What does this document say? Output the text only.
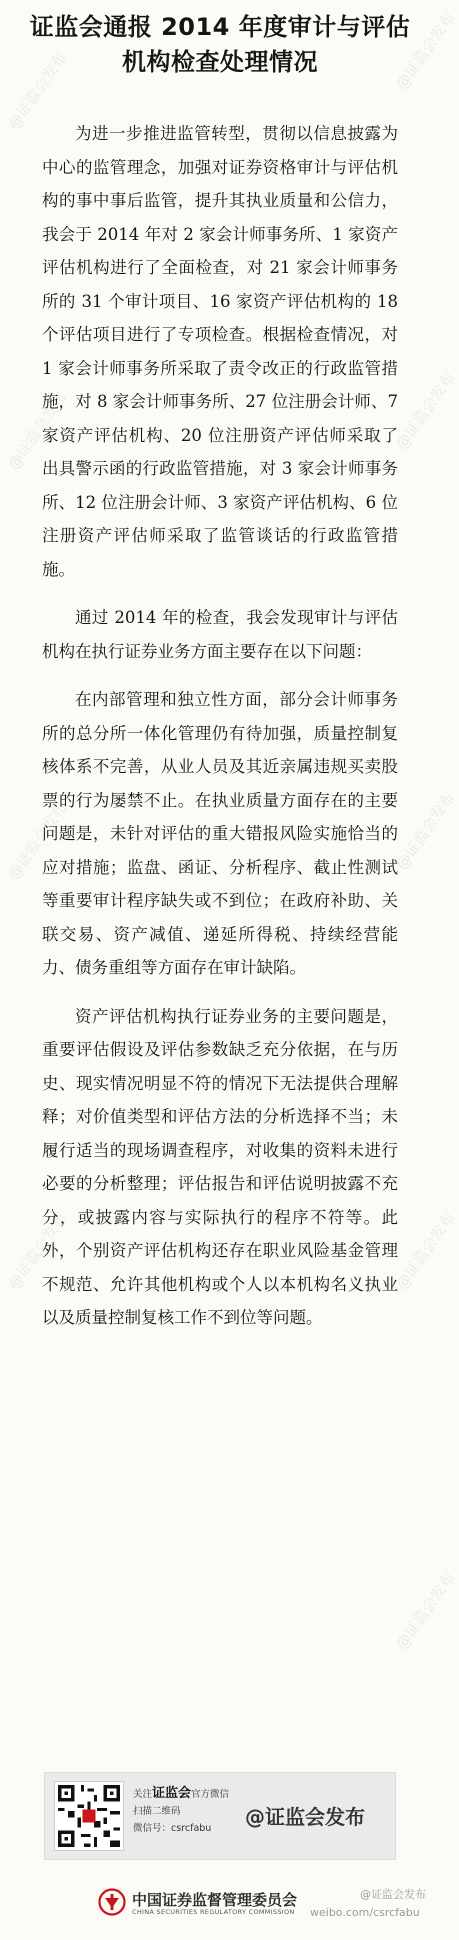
证监会通报 2014 年度审计与评估
机构检查处理情况

为进一步推进监管转型，贯彻以信息披露为中心的监管理念，加强对证券资格审计与评估机构的事中事后监管，提升其执业质量和公信力，我会于 2014 年对 2 家会计师事务所、1 家资产评估机构进行了全面检查，对 21 家会计师事务所的 31 个审计项目、16 家资产评估机构的 18 个评估项目进行了专项检查。根据检查情况，对 1 家会计师事务所采取了责令改正的行政监管措施，对 8 家会计师事务所、27 位注册会计师、7 家资产评估机构、20 位注册资产评估师采取了出具警示函的行政监管措施，对 3 家会计师事务所、12 位注册会计师、3 家资产评估机构、6 位注册资产评估师采取了监管谈话的行政监管措施。

通过 2014 年的检查，我会发现审计与评估机构在执行证券业务方面主要存在以下问题：

在内部管理和独立性方面，部分会计师事务所的总分所一体化管理仍有待加强，质量控制复核体系不完善，从业人员及其近亲属违规买卖股票的行为屡禁不止。在执业质量方面存在的主要问题是，未针对评估的重大错报风险实施恰当的应对措施；监盘、函证、分析程序、截止性测试等重要审计程序缺失或不到位；在政府补助、关联交易、资产减值、递延所得税、持续经营能力、债务重组等方面存在审计缺陷。

资产评估机构执行证券业务的主要问题是，重要评估假设及评估参数缺乏充分依据，在与历史、现实情况明显不符的情况下无法提供合理解释；对价值类型和评估方法的分析选择不当；未履行适当的现场调查程序，对收集的资料未进行必要的分析整理；评估报告和评估说明披露不充分，或披露内容与实际执行的程序不符等。此外，个别资产评估机构还存在职业风险基金管理不规范、允许其他机构或个人以本机构名义执业以及质量控制复核工作不到位等问题。

@证监会发布
@证监会发布
@证监会发布
@证监会发布
@证监会发布
@证监会发布
@证监会发布
@证监会发布
@证监会发布
关注证监会官方微信
扫描二维码
微信号：csrcfabu	@证监会发布
中国证券监督管理委员会
CHINA SECURITIES REGULATORY COMMISSION
@证监会发布
weibo.com/csrcfabu
